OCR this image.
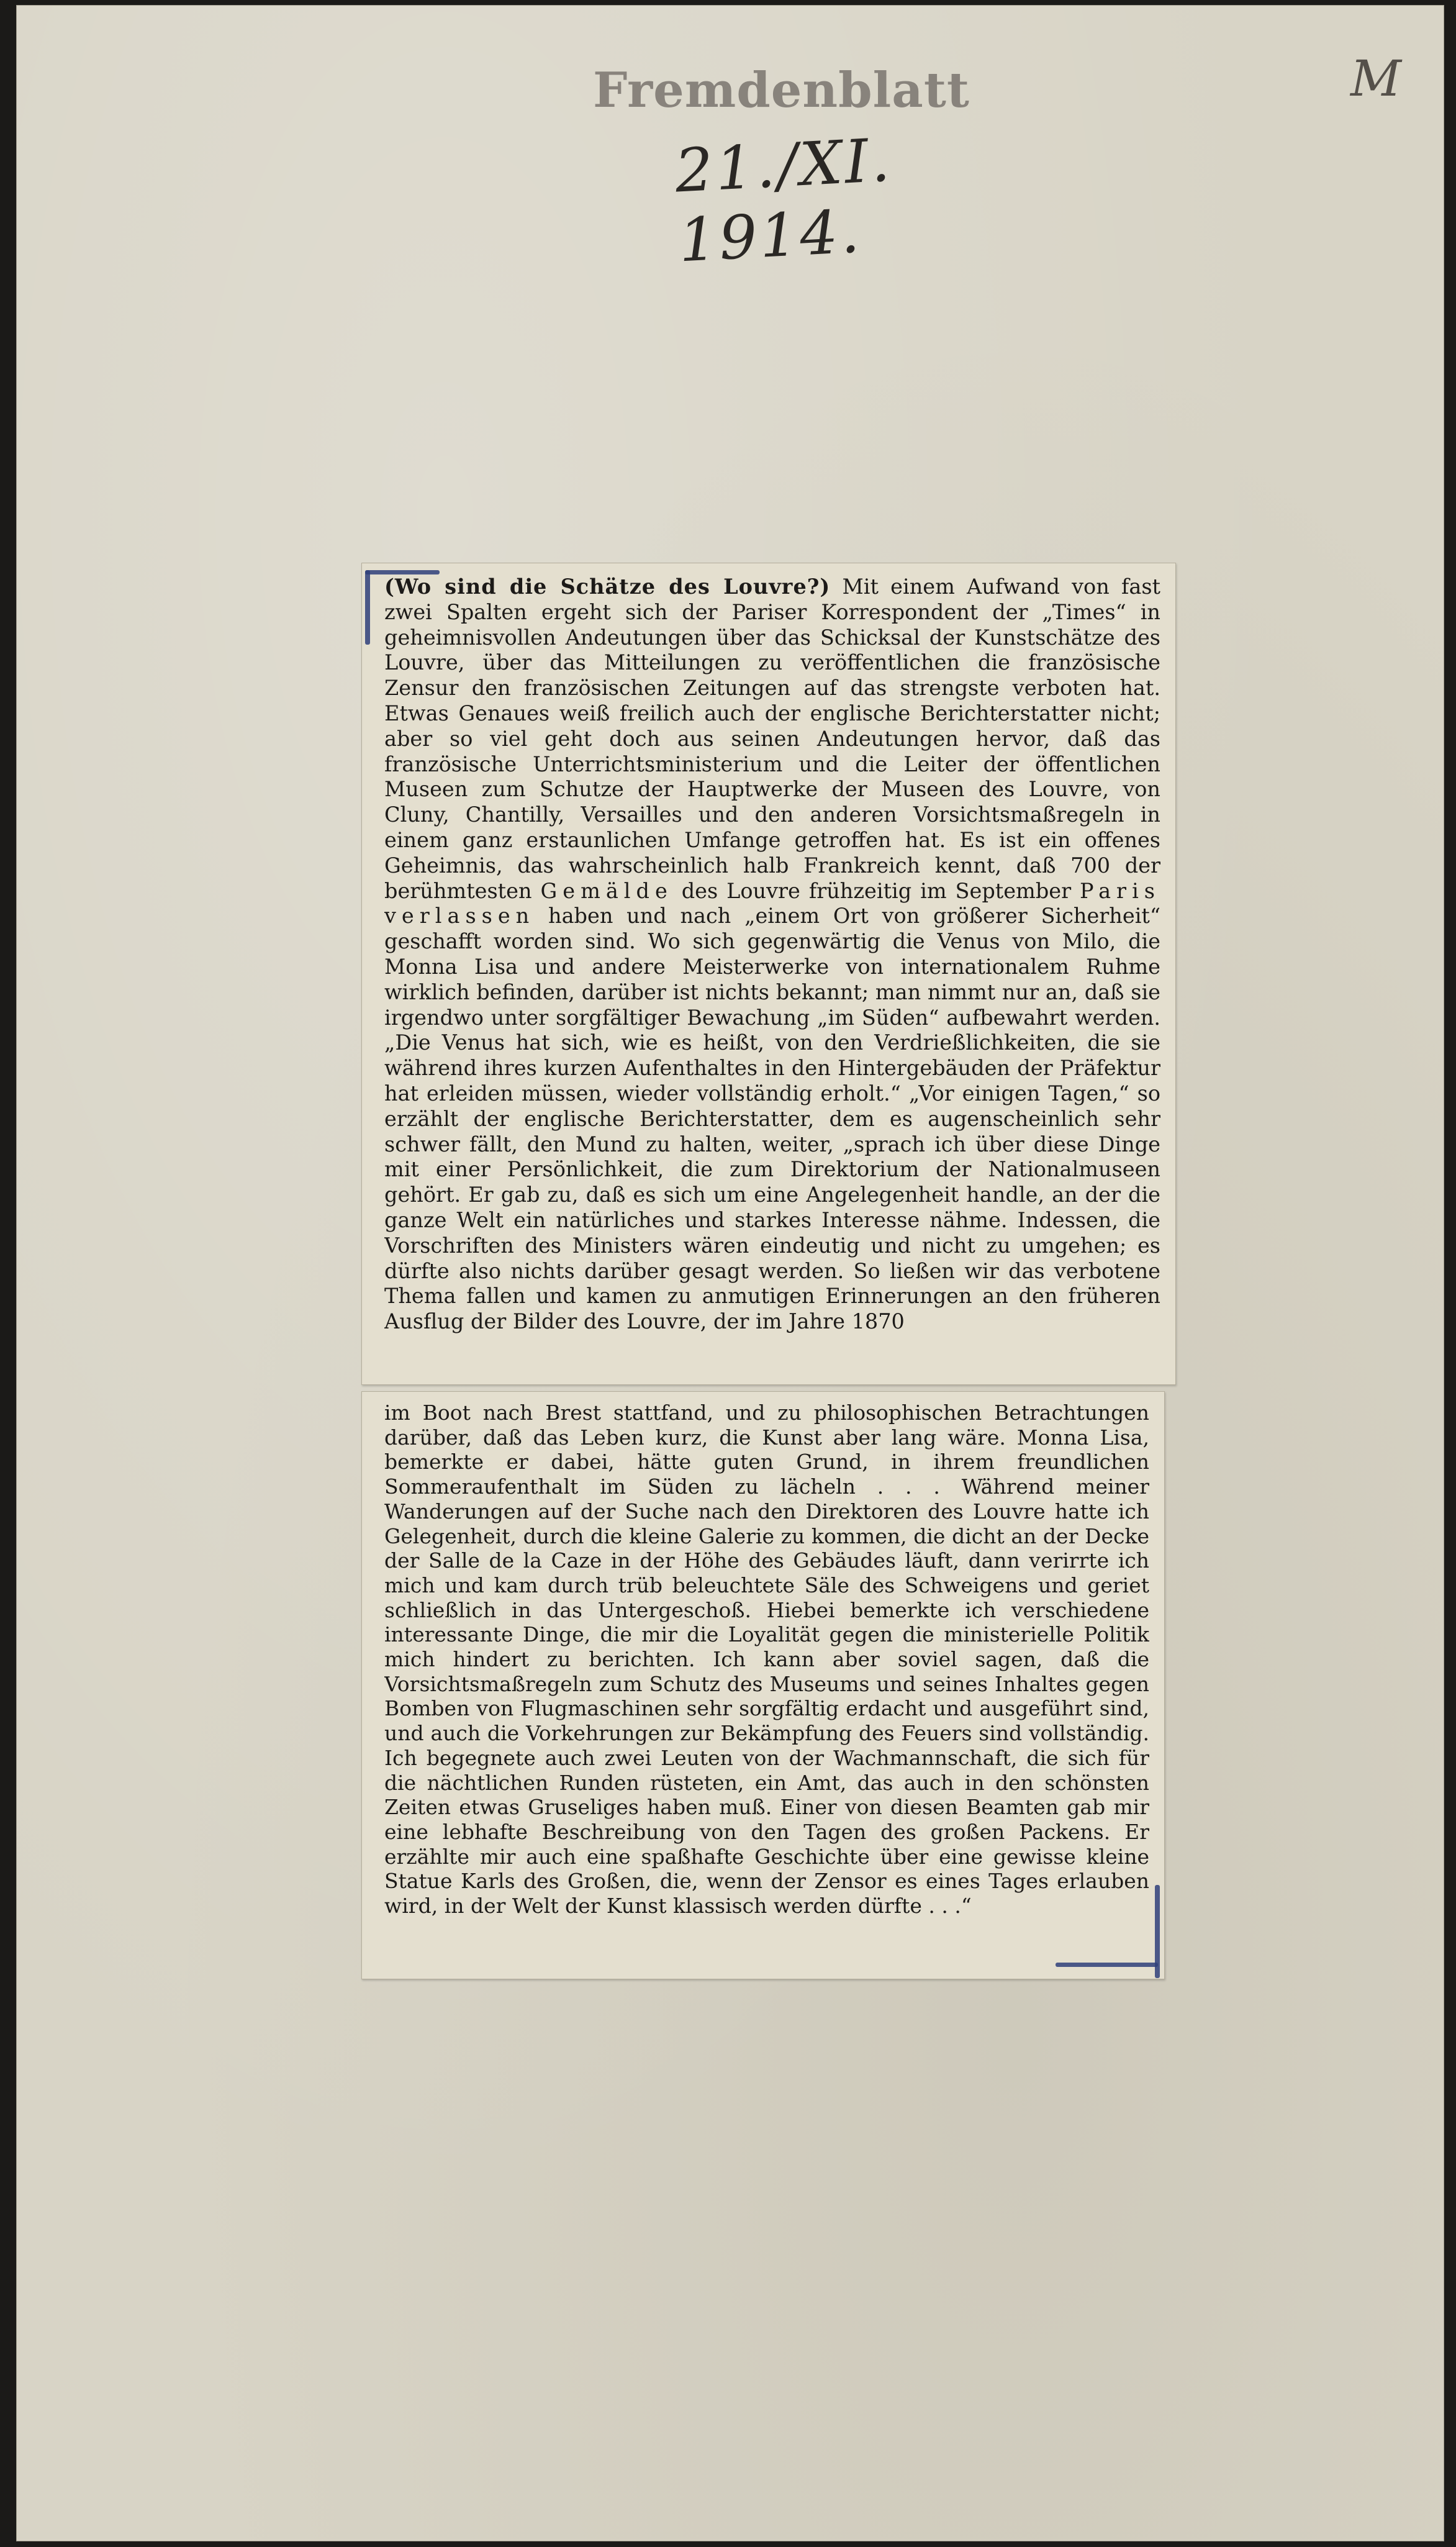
Fremdenblatt
21./XI. 1914.
M
(Wo sind die Schätze des Louvre?) Mit einem Aufwand von fast zwei Spalten ergeht sich der Pariser Korrespondent der „Times“ in geheimnisvollen Andeutungen über das Schicksal der Kunstschätze des Louvre, über das Mitteilungen zu veröffentlichen die französische Zensur den französischen Zeitungen auf das strengste verboten hat. Etwas Genaues weiß freilich auch der englische Berichterstatter nicht; aber so viel geht doch aus seinen Andeutungen hervor, daß das französische Unterrichtsministerium und die Leiter der öffentlichen Museen zum Schutze der Hauptwerke der Museen des Louvre, von Cluny, Chantilly, Versailles und den anderen Vorsichtsmaßregeln in einem ganz erstaunlichen Umfange getroffen hat. Es ist ein offenes Geheimnis, das wahrscheinlich halb Frankreich kennt, daß 700 der berühmtesten Gemälde des Louvre frühzeitig im September Paris verlassen haben und nach „einem Ort von größerer Sicherheit“ geschafft worden sind. Wo sich gegenwärtig die Venus von Milo, die Monna Lisa und andere Meisterwerke von internationalem Ruhme wirklich befinden, darüber ist nichts bekannt; man nimmt nur an, daß sie irgendwo unter sorgfältiger Bewachung „im Süden“ aufbewahrt werden. „Die Venus hat sich, wie es heißt, von den Verdrießlichkeiten, die sie während ihres kurzen Aufenthaltes in den Hintergebäuden der Präfektur hat erleiden müssen, wieder vollständig erholt.“ „Vor einigen Tagen,“ so erzählt der englische Berichterstatter, dem es augenscheinlich sehr schwer fällt, den Mund zu halten, weiter, „sprach ich über diese Dinge mit einer Persönlichkeit, die zum Direktorium der Nationalmuseen gehört. Er gab zu, daß es sich um eine Angelegenheit handle, an der die ganze Welt ein natürliches und starkes Interesse nähme. Indessen, die Vorschriften des Ministers wären eindeutig und nicht zu umgehen; es dürfte also nichts darüber gesagt werden. So ließen wir das verbotene Thema fallen und kamen zu anmutigen Erinnerungen an den früheren Ausflug der Bilder des Louvre, der im Jahre 1870
im Boot nach Brest stattfand, und zu philosophischen Betrachtungen darüber, daß das Leben kurz, die Kunst aber lang wäre. Monna Lisa, bemerkte er dabei, hätte guten Grund, in ihrem freundlichen Sommeraufenthalt im Süden zu lächeln . . . Während meiner Wanderungen auf der Suche nach den Direktoren des Louvre hatte ich Gelegenheit, durch die kleine Galerie zu kommen, die dicht an der Decke der Salle de la Caze in der Höhe des Gebäudes läuft, dann verirrte ich mich und kam durch trüb beleuchtete Säle des Schweigens und geriet schließlich in das Untergeschoß. Hiebei bemerkte ich verschiedene interessante Dinge, die mir die Loyalität gegen die ministerielle Politik mich hindert zu berichten. Ich kann aber soviel sagen, daß die Vorsichtsmaßregeln zum Schutz des Museums und seines Inhaltes gegen Bomben von Flugmaschinen sehr sorgfältig erdacht und ausgeführt sind, und auch die Vorkehrungen zur Bekämpfung des Feuers sind vollständig. Ich begegnete auch zwei Leuten von der Wachmannschaft, die sich für die nächtlichen Runden rüsteten, ein Amt, das auch in den schönsten Zeiten etwas Gruseliges haben muß. Einer von diesen Beamten gab mir eine lebhafte Beschreibung von den Tagen des großen Packens. Er erzählte mir auch eine spaßhafte Geschichte über eine gewisse kleine Statue Karls des Großen, die, wenn der Zensor es eines Tages erlauben wird, in der Welt der Kunst klassisch werden dürfte . . .“
